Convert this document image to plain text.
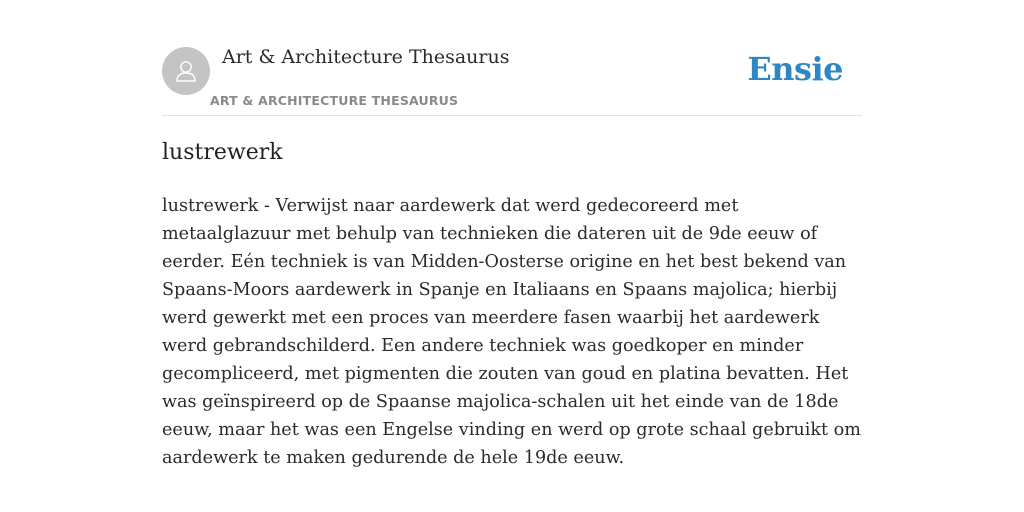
Art & Architecture Thesaurus
ART & ARCHITECTURE THESAURUS
Ensie
lustrewerk

lustrewerk - Verwijst naar aardewerk dat werd gedecoreerd met metaalglazuur met behulp van technieken die dateren uit de 9de eeuw of eerder. Eén techniek is van Midden-Oosterse origine en het best bekend van Spaans-Moors aardewerk in Spanje en Italiaans en Spaans majolica; hierbij werd gewerkt met een proces van meerdere fasen waarbij het aardewerk werd gebrandschilderd. Een andere techniek was goedkoper en minder gecompliceerd, met pigmenten die zouten van goud en platina bevatten. Het was geïnspireerd op de Spaanse majolica-schalen uit het einde van de 18de eeuw, maar het was een Engelse vinding en werd op grote schaal gebruikt om aardewerk te maken gedurende de hele 19de eeuw.
